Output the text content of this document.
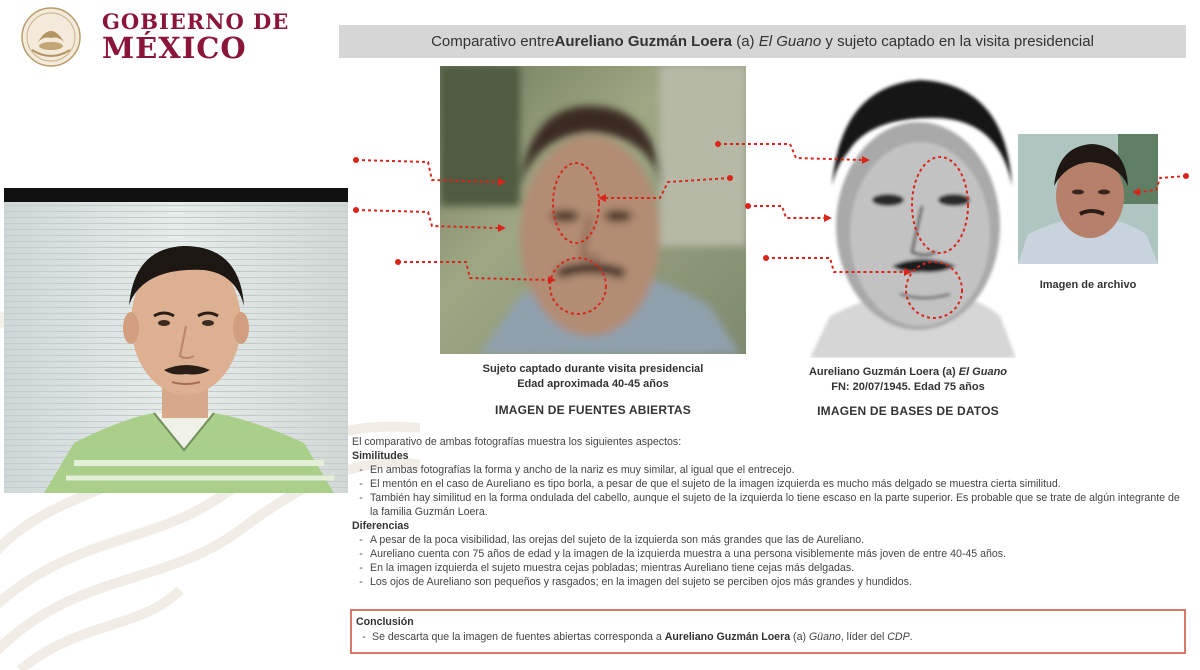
GOBIERNO DE
MÉXICO	Comparativo entre Aureliano Guzmán Loera (a) El Guano y sujeto captado en la visita presidencial
Sujeto captado durante visita presidencial
Edad aproximada 40-45 años
IMAGEN DE FUENTES ABIERTAS
Aureliano Guzmán Loera (a) El Guano
FN: 20/07/1945. Edad 75 años
IMAGEN DE BASES DE DATOS
Imagen de archivo
El comparativo de ambas fotografías muestra los siguientes aspectos:
Similitudes
- En ambas fotografías la forma y ancho de la nariz es muy similar, al igual que el entrecejo.
- El mentón en el caso de Aureliano es tipo borla, a pesar de que el sujeto de la imagen izquierda es mucho más delgado se muestra cierta similitud.
- También hay similitud en la forma ondulada del cabello, aunque el sujeto de la izquierda lo tiene escaso en la parte superior. Es probable que se trate de algún integrante de la familia Guzmán Loera.
Diferencias
- A pesar de la poca visibilidad, las orejas del sujeto de la izquierda son más grandes que las de Aureliano.
- Aureliano cuenta con 75 años de edad y la imagen de la izquierda muestra a una persona visiblemente más joven de entre 40-45 años.
- En la imagen izquierda el sujeto muestra cejas pobladas; mientras Aureliano tiene cejas más delgadas.
- Los ojos de Aureliano son pequeños y rasgados; en la imagen del sujeto se perciben ojos más grandes y hundidos.
Conclusión
- Se descarta que la imagen de fuentes abiertas corresponda a Aureliano Guzmán Loera (a) Güano, líder del CDP.
